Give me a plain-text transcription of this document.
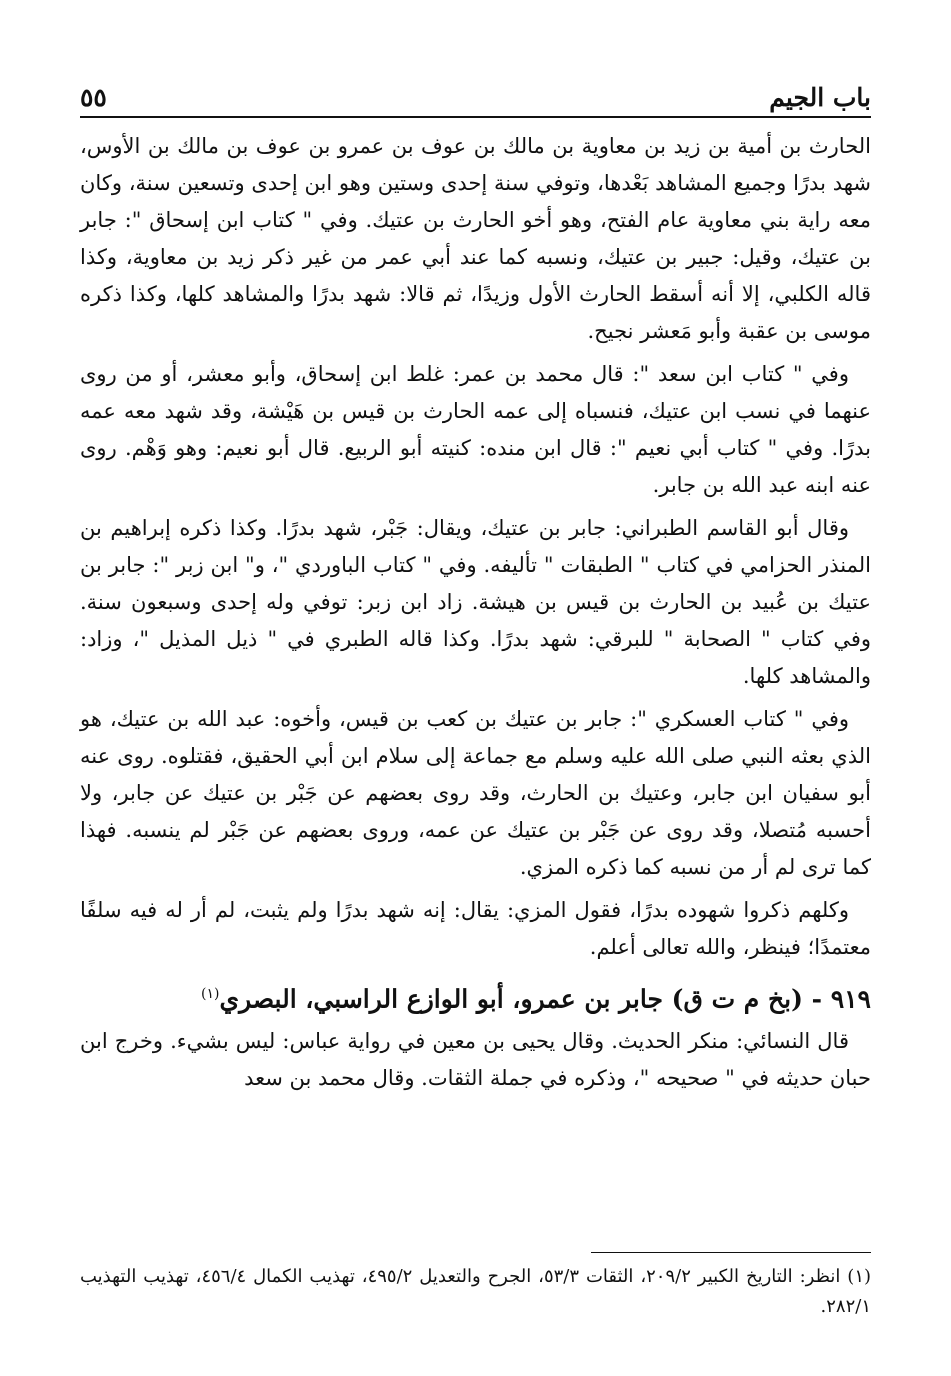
باب الجيم
٥٥

الحارث بن أمية بن زيد بن معاوية بن مالك بن عوف بن عمرو بن عوف بن مالك بن الأوس، شهد بدرًا وجميع المشاهد بَعْدها، وتوفي سنة إحدى وستين وهو ابن إحدى وتسعين سنة، وكان معه راية بني معاوية عام الفتح، وهو أخو الحارث بن عتيك. وفي " كتاب ابن إسحاق ": جابر بن عتيك، وقيل: جبير بن عتيك، ونسبه كما عند أبي عمر من غير ذكر زيد بن معاوية، وكذا قاله الكلبي، إلا أنه أسقط الحارث الأول وزيدًا، ثم قالا: شهد بدرًا والمشاهد كلها، وكذا ذكره موسى بن عقبة وأبو مَعشر نجيح.

وفي " كتاب ابن سعد ": قال محمد بن عمر: غلط ابن إسحاق، وأبو معشر، أو من روى عنهما في نسب ابن عتيك، فنسباه إلى عمه الحارث بن قيس بن هَيْشة، وقد شهد معه عمه بدرًا. وفي " كتاب أبي نعيم ": قال ابن منده: كنيته أبو الربيع. قال أبو نعيم: وهو وَهْم. روى عنه ابنه عبد الله بن جابر.

وقال أبو القاسم الطبراني: جابر بن عتيك، ويقال: جَبْر، شهد بدرًا. وكذا ذكره إبراهيم بن المنذر الحزامي في كتاب " الطبقات " تأليفه. وفي " كتاب الباوردي "، و" ابن زبر ": جابر بن عتيك بن عُبيد بن الحارث بن قيس بن هيشة. زاد ابن زبر: توفي وله إحدى وسبعون سنة. وفي كتاب " الصحابة " للبرقي: شهد بدرًا. وكذا قاله الطبري في " ذيل المذيل "، وزاد: والمشاهد كلها.

وفي " كتاب العسكري ": جابر بن عتيك بن كعب بن قيس، وأخوه: عبد الله بن عتيك، هو الذي بعثه النبي صلى الله عليه وسلم مع جماعة إلى سلام ابن أبي الحقيق، فقتلوه. روى عنه أبو سفيان ابن جابر، وعتيك بن الحارث، وقد روى بعضهم عن جَبْر بن عتيك عن جابر، ولا أحسبه مُتصلا، وقد روى عن جَبْر بن عتيك عن عمه، وروى بعضهم عن جَبْر لم ينسبه. فهذا كما ترى لم أر من نسبه كما ذكره المزي.

وكلهم ذكروا شهوده بدرًا، فقول المزي: يقال: إنه شهد بدرًا ولم يثبت، لم أر له فيه سلفًا معتمدًا؛ فينظر، والله تعالى أعلم.

٩١٩ - (بخ م ت ق) جابر بن عمرو، أبو الوازع الراسبي، البصري$^{(١)}$

قال النسائي: منكر الحديث. وقال يحيى بن معين في رواية عباس: ليس بشيء. وخرج ابن حبان حديثه في " صحيحه "، وذكره في جملة الثقات. وقال محمد بن سعد

(١) انظر: التاريخ الكبير ٢٠٩/٢، الثقات ٥٣/٣، الجرح والتعديل ٤٩٥/٢، تهذيب الكمال ٤٥٦/٤، تهذيب التهذيب ٢٨٢/١.
